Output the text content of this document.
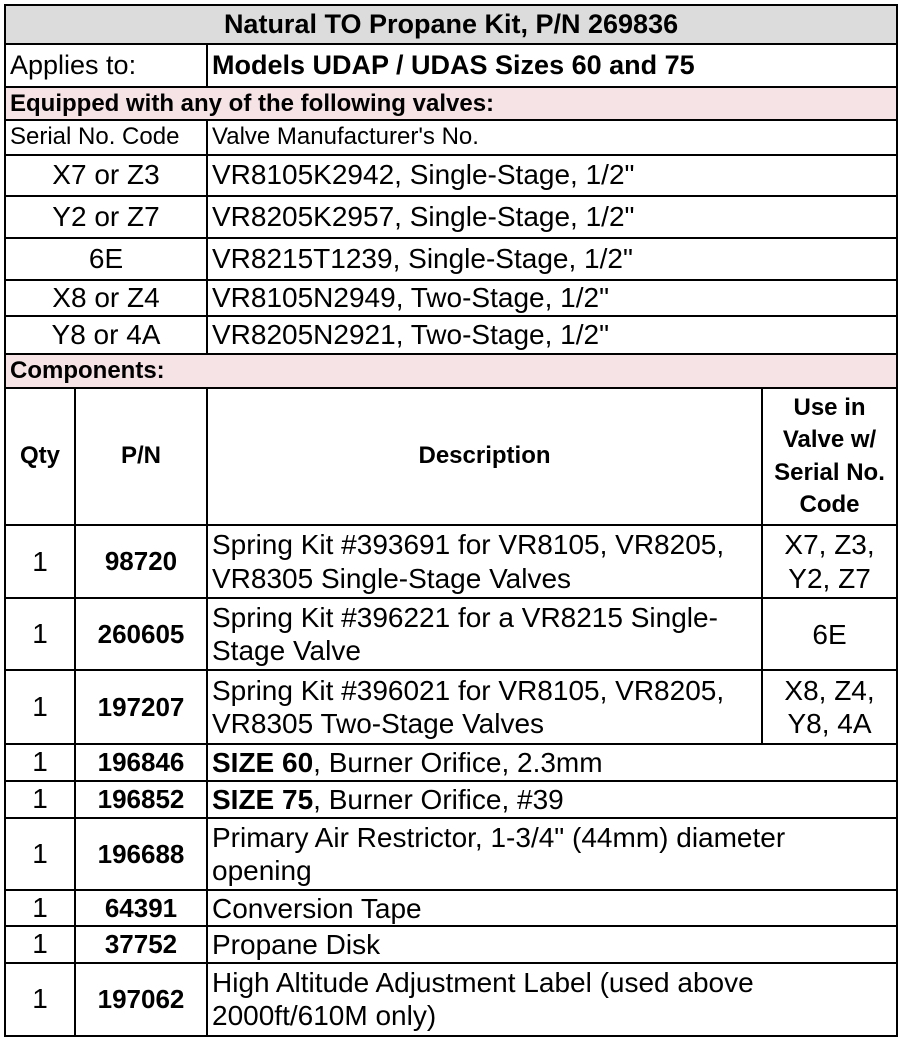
Natural TO Propane Kit, P/N 269836			
Applies to:		Models UDAP / UDAS Sizes 60 and 75	
Equipped with any of the following valves:			
Serial No. Code		Valve Manufacturer's No.	
X7 or Z3		VR8105K2942, Single-Stage, 1/2"	
Y2 or Z7		VR8205K2957, Single-Stage, 1/2"	
6E		VR8215T1239, Single-Stage, 1/2"	
X8 or Z4		VR8105N2949, Two-Stage, 1/2"	
Y8 or 4A		VR8205N2921, Two-Stage, 1/2"	
Components:			
Qty	P/N	Description	Use in Valve w/ Serial No. Code
1	98720	Spring Kit #393691 for VR8105, VR8205, VR8305 Single-Stage Valves	X7, Z3, Y2, Z7
1	260605	Spring Kit #396221 for a VR8215 Single-Stage Valve	6E
1	197207	Spring Kit #396021 for VR8105, VR8205, VR8305 Two-Stage Valves	X8, Z4, Y8, 4A
1	196846	SIZE 60, Burner Orifice, 2.3mm	
1	196852	SIZE 75, Burner Orifice, #39	
1	196688	Primary Air Restrictor, 1-3/4" (44mm) diameter opening	
1	64391	Conversion Tape	
1	37752	Propane Disk	
1	197062	High Altitude Adjustment Label (used above 2000ft/610M only)	
